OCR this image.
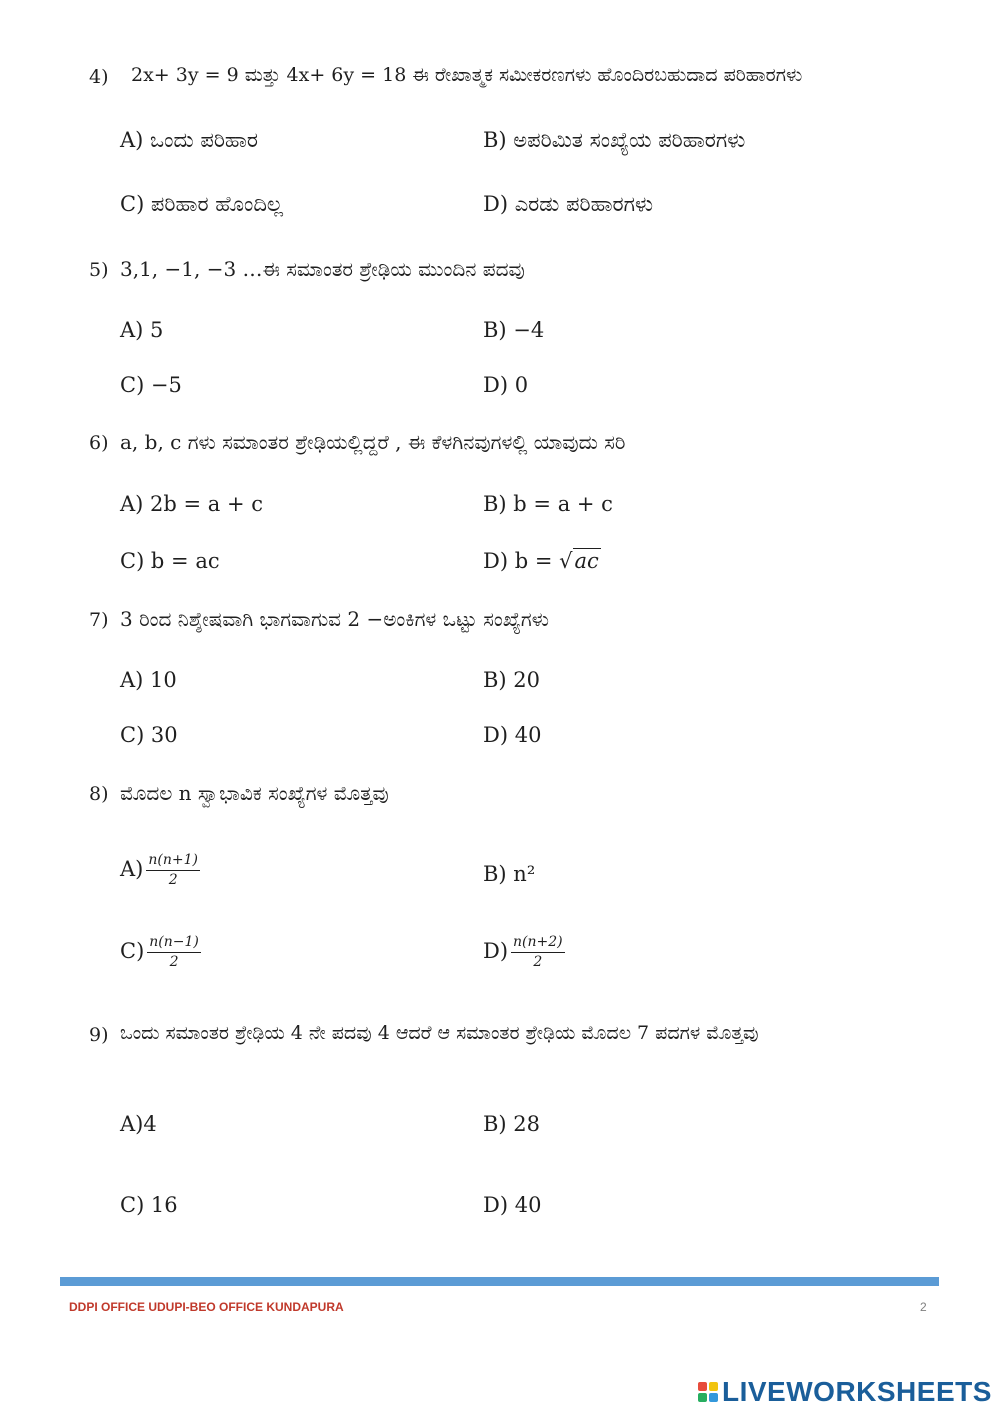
4) 2x+ 3y = 9 ಮತ್ತು 4x+ 6y = 18 ಈ ರೇಖಾತ್ಮಕ ಸಮೀಕರಣಗಳು ಹೊಂದಿರಬಹುದಾದ ಪರಿಹಾರಗಳು
A) ಒಂದು ಪರಿಹಾರ	B) ಅಪರಿಮಿತ ಸಂಖ್ಯೆಯ ಪರಿಹಾರಗಳು
C) ಪರಿಹಾರ ಹೊಂದಿಲ್ಲ	D) ಎರಡು ಪರಿಹಾರಗಳು
5) 3,1, −1, −3 …ಈ ಸಮಾಂತರ ಶ್ರೇಢಿಯ ಮುಂದಿನ ಪದವು
A) 5	B) −4
C) −5	D) 0
6) a, b, c ಗಳು ಸಮಾಂತರ ಶ್ರೇಢಿಯಲ್ಲಿದ್ದರೆ , ಈ ಕೆಳಗಿನವುಗಳಲ್ಲಿ ಯಾವುದು ಸರಿ
A) 2b = a + c	B) b = a + c
C) b = ac	D) b = √ac
7) 3 ರಿಂದ ನಿಶ್ಶೇಷವಾಗಿ ಭಾಗವಾಗುವ 2 −ಅಂಕಿಗಳ ಒಟ್ಟು ಸಂಖ್ಯೆಗಳು
A) 10	B) 20
C) 30	D) 40
8) ಮೊದಲ n ಸ್ವಾಭಾವಿಕ ಸಂಖ್ಯೆಗಳ ಮೊತ್ತವು
$A) \frac{n(n+1)}{2}$	B) n²
$C) \frac{n(n-1)}{2}$	$D) \frac{n(n+2)}{2}$
9) ಒಂದು ಸಮಾಂತರ ಶ್ರೇಢಿಯ 4 ನೇ ಪದವು 4 ಆದರೆ ಆ ಸಮಾಂತರ ಶ್ರೇಢಿಯ ಮೊದಲ 7 ಪದಗಳ ಮೊತ್ತವು
A)4	B) 28
C) 16	D) 40
DDPI OFFICE UDUPI-BEO OFFICE KUNDAPURA	2
LIVEWORKSHEETS
